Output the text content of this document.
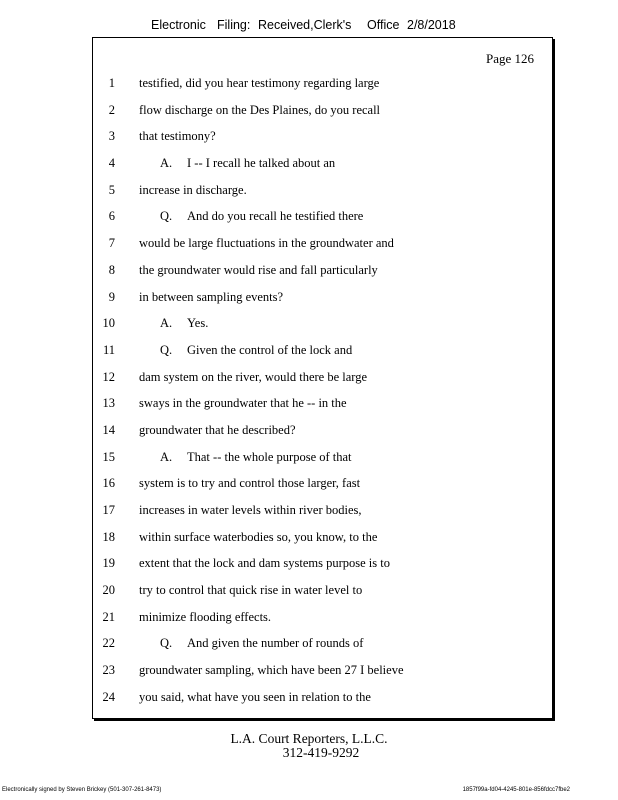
Electronic Filing: Received,Clerk's Office 2/8/2018
Page 126
1 testified, did you hear testimony regarding large
2 flow discharge on the Des Plaines, do you recall
3 that testimony?
4	A. I -- I recall he talked about an
5 increase in discharge.
6	Q. And do you recall he testified there
7 would be large fluctuations in the groundwater and
8 the groundwater would rise and fall particularly
9 in between sampling events?
10	A. Yes.
11	Q. Given the control of the lock and
12 dam system on the river, would there be large
13 sways in the groundwater that he -- in the
14 groundwater that he described?
15	A. That -- the whole purpose of that
16 system is to try and control those larger, fast
17 increases in water levels within river bodies,
18 within surface waterbodies so, you know, to the
19 extent that the lock and dam systems purpose is to
20 try to control that quick rise in water level to
21 minimize flooding effects.
22	Q. And given the number of rounds of
23 groundwater sampling, which have been 27 I believe
24 you said, what have you seen in relation to the
L.A. Court Reporters, L.L.C.
312-419-9292
Electronically signed by Steven Brickey (501-307-261-8473)	1857f99a-fd04-4245-801e-856fdcc7fbe2
